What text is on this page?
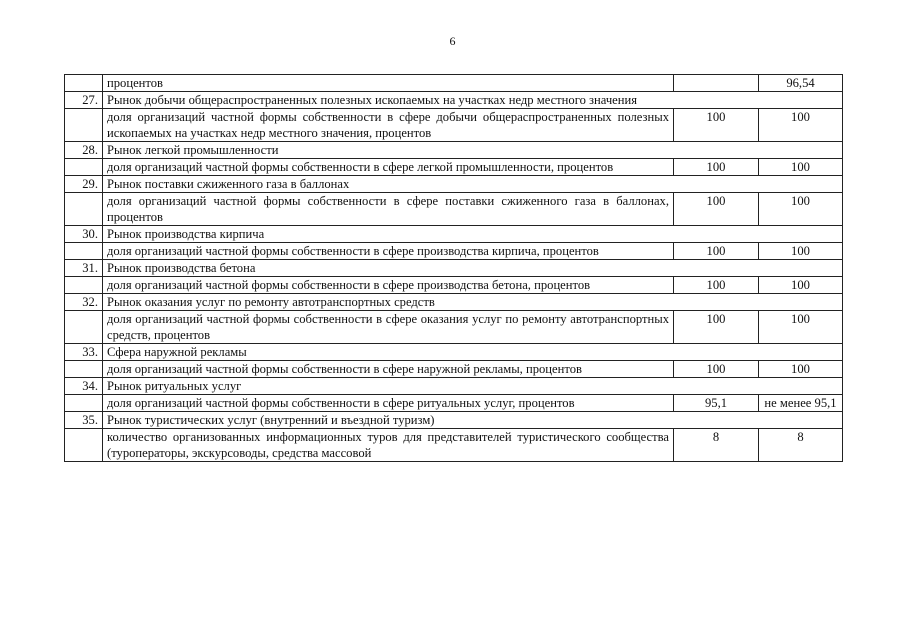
6
	процентов		96,54
27.	Рынок добычи общераспространенных полезных ископаемых на участках недр местного значения		
	доля организаций частной формы собственности в сфере добычи общераспространенных полезных ископаемых на участках недр местного значения, процентов	100	100
28.	Рынок легкой промышленности		
	доля организаций частной формы собственности в сфере легкой промышленности, процентов	100	100
29.	Рынок поставки сжиженного газа в баллонах		
	доля организаций частной формы собственности в сфере поставки сжиженного газа в баллонах, процентов	100	100
30.	Рынок производства кирпича		
	доля организаций частной формы собственности в сфере производства кирпича, процентов	100	100
31.	Рынок производства бетона		
	доля организаций частной формы собственности в сфере производства бетона, процентов	100	100
32.	Рынок оказания услуг по ремонту автотранспортных средств		
	доля организаций частной формы собственности в сфере оказания услуг по ремонту автотранспортных средств, процентов	100	100
33.	Сфера наружной рекламы		
	доля организаций частной формы собственности в сфере наружной рекламы, процентов	100	100
34.	Рынок ритуальных услуг		
	доля организаций частной формы собственности в сфере ритуальных услуг, процентов	95,1	не менее 95,1
35.	Рынок туристических услуг (внутренний и въездной туризм)		
	количество организованных информационных туров для представителей туристического сообщества (туроператоры, экскурсоводы, средства массовой	8	8
